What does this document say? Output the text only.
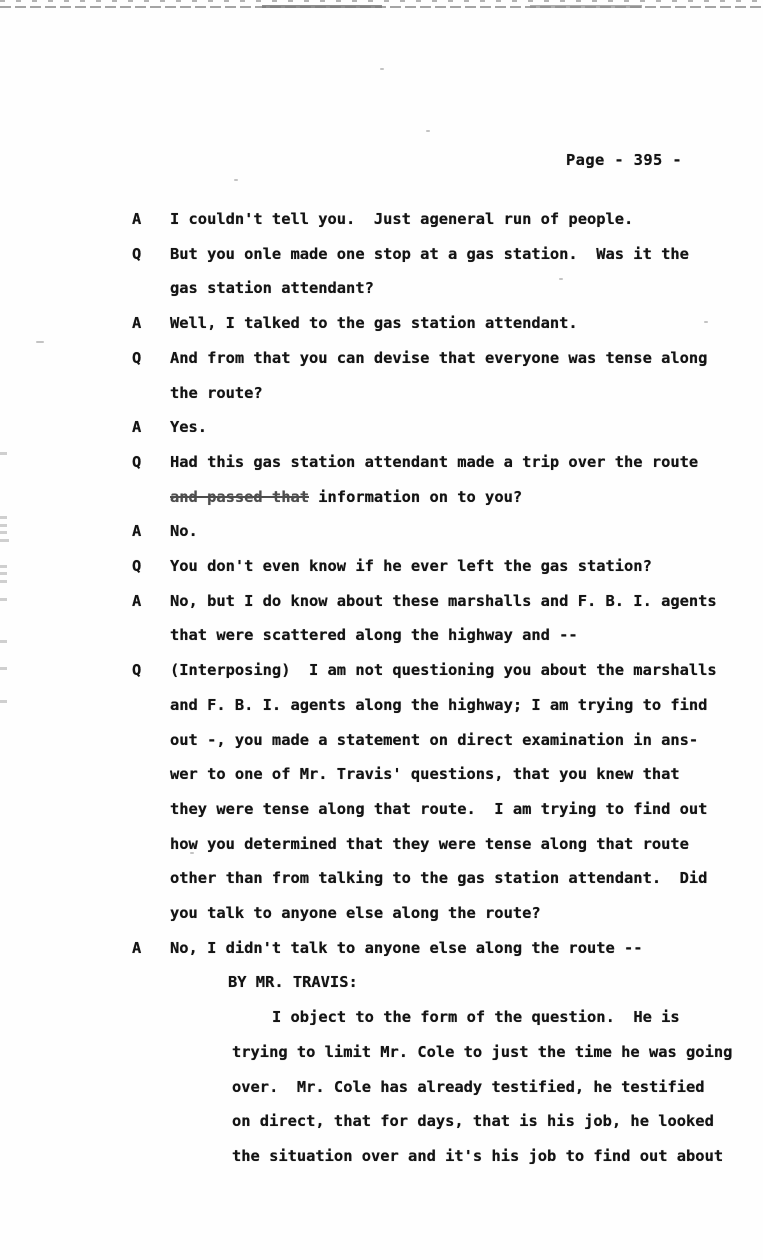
Page - 395 -
A I couldn't tell you.  Just ageneral run of people.
Q But you onle made one stop at a gas station.  Was it the
gas station attendant?
A Well, I talked to the gas station attendant.
Q And from that you can devise that everyone was tense along
the route?
A Yes.
Q Had this gas station attendant made a trip over the route
and passed that information on to you?
A No.
Q You don't even know if he ever left the gas station?
A No, but I do know about these marshalls and F. B. I. agents
that were scattered along the highway and --
Q (Interposing)  I am not questioning you about the marshalls
and F. B. I. agents along the highway; I am trying to find
out -, you made a statement on direct examination in ans-
wer to one of Mr. Travis' questions, that you knew that
they were tense along that route.  I am trying to find out
how you determined that they were tense along that route
other than from talking to the gas station attendant.  Did
you talk to anyone else along the route?
A No, I didn't talk to anyone else along the route --
BY MR. TRAVIS:
I object to the form of the question.  He is
trying to limit Mr. Cole to just the time he was going
over.  Mr. Cole has already testified, he testified
on direct, that for days, that is his job, he looked
the situation over and it's his job to find out about
